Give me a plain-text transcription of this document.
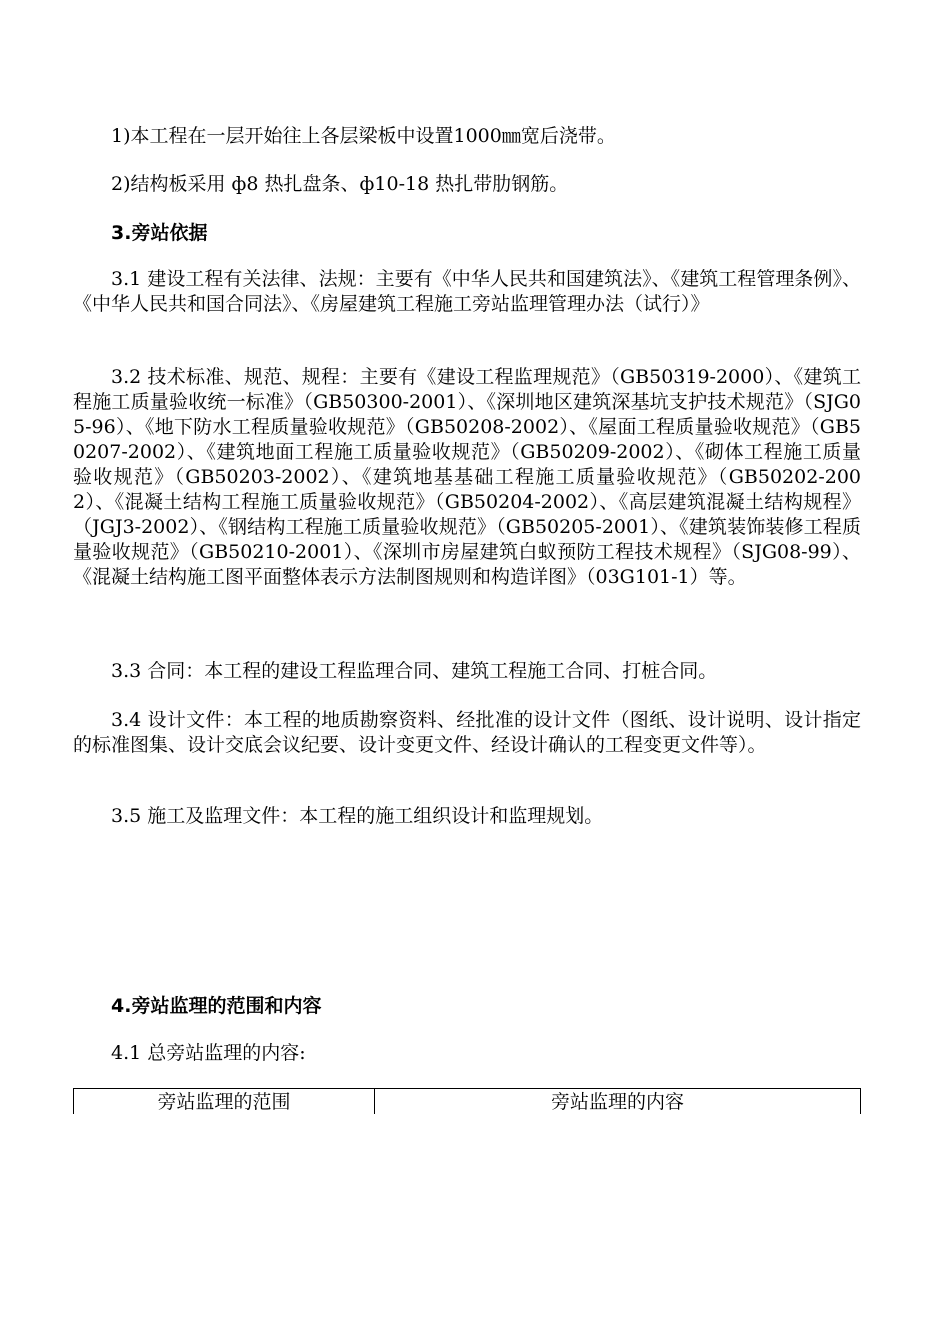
1)本工程在一层开始往上各层梁板中设置1000㎜宽后浇带。

2)结构板采用 ф8 热扎盘条、ф10-18 热扎带肋钢筋。

3.旁站依据

3.1 建设工程有关法律、法规：主要有《中华人民共和国建筑法》、《建筑工程管理条例》、《中华人民共和国合同法》、《房屋建筑工程施工旁站监理管理办法（试行）》

3.2 技术标准、规范、规程：主要有《建设工程监理规范》（GB50319-2000）、《建筑工程施工质量验收统一标准》（GB50300-2001）、《深圳地区建筑深基坑支护技术规范》（SJG05-96）、《地下防水工程质量验收规范》（GB50208-2002）、《屋面工程质量验收规范》（GB50207-2002）、《建筑地面工程施工质量验收规范》（GB50209-2002）、《砌体工程施工质量验收规范》（GB50203-2002）、《建筑地基基础工程施工质量验收规范》（GB50202-2002）、《混凝土结构工程施工质量验收规范》（GB50204-2002）、《高层建筑混凝土结构规程》（JGJ3-2002）、《钢结构工程施工质量验收规范》（GB50205-2001）、《建筑装饰装修工程质量验收规范》（GB50210-2001）、《深圳市房屋建筑白蚁预防工程技术规程》（SJG08-99）、《混凝土结构施工图平面整体表示方法制图规则和构造详图》（03G101-1）等。

3.3 合同：本工程的建设工程监理合同、建筑工程施工合同、打桩合同。

3.4 设计文件：本工程的地质勘察资料、经批准的设计文件（图纸、设计说明、设计指定的标准图集、设计交底会议纪要、设计变更文件、经设计确认的工程变更文件等）。

3.5 施工及监理文件：本工程的施工组织设计和监理规划。

4.旁站监理的范围和内容

4.1 总旁站监理的内容:

旁站监理的范围	旁站监理的内容
